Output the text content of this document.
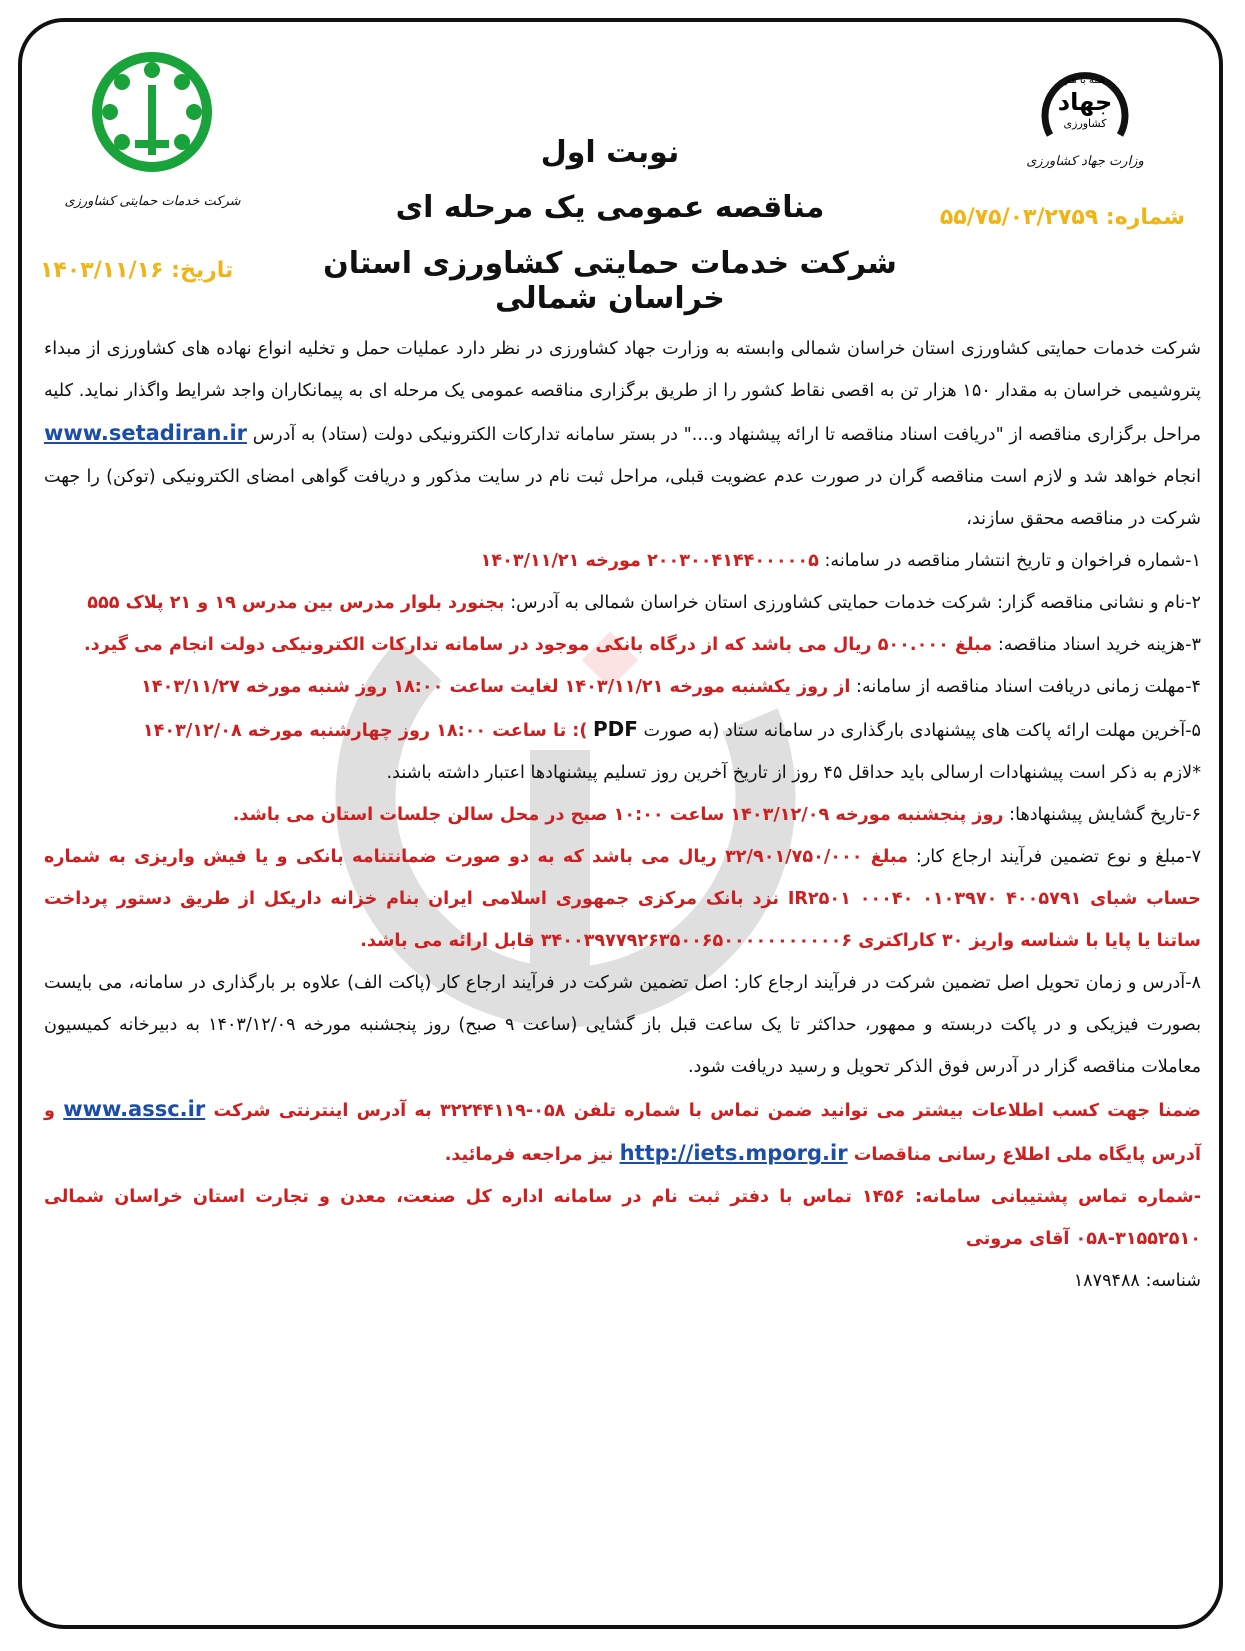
شرکت خدمات حمایتی کشاورزی
همه با هم
جهاد
کشاورزی
وزارت جهاد کشاورزی
نوبت اول
مناقصه عمومی یک مرحله ای
شرکت خدمات حمایتی کشاورزی استان خراسان شمالی
شماره: ۵۵/۷۵/۰۳/۲۷۵۹
تاریخ: ۱۴۰۳/۱۱/۱۶

شرکت خدمات حمایتی کشاورزی استان خراسان شمالی وابسته به وزارت جهاد کشاورزی در نظر دارد عملیات حمل و تخلیه انواع نهاده های کشاورزی از مبداء پتروشیمی خراسان به مقدار ۱۵۰ هزار تن به اقصی نقاط کشور را از طریق برگزاری مناقصه عمومی یک مرحله ای به پیمانکاران واجد شرایط واگذار نماید. کلیه مراحل برگزاری مناقصه از "دریافت اسناد مناقصه تا ارائه پیشنهاد و...." در بستر سامانه تدارکات الکترونیکی دولت (ستاد) به آدرس www.setadiran.ir انجام خواهد شد و لازم است مناقصه گران در صورت عدم عضویت قبلی، مراحل ثبت نام در سایت مذکور و دریافت گواهی امضای الکترونیکی (توکن) را جهت شرکت در مناقصه محقق سازند،

۱-شماره فراخوان و تاریخ انتشار مناقصه در سامانه: ۲۰۰۳۰۰۴۱۴۴۰۰۰۰۰۵ مورخه ۱۴۰۳/۱۱/۲۱

۲-نام و نشانی مناقصه گزار: شرکت خدمات حمایتی کشاورزی استان خراسان شمالی به آدرس: بجنورد بلوار مدرس بین مدرس ۱۹ و ۲۱ پلاک ۵۵۵

۳-هزینه خرید اسناد مناقصه: مبلغ ۵۰۰.۰۰۰ ریال می باشد که از درگاه بانکی موجود در سامانه تدارکات الکترونیکی دولت انجام می گیرد.

۴-مهلت زمانی دریافت اسناد مناقصه از سامانه: از روز یکشنبه مورخه ۱۴۰۳/۱۱/۲۱ لغایت ساعت ۱۸:۰۰ روز شنبه مورخه ۱۴۰۳/۱۱/۲۷

۵-آخرین مهلت ارائه پاکت های پیشنهادی بارگذاری در سامانه ستاد (به صورت PDF ): تا ساعت ۱۸:۰۰ روز چهارشنبه مورخه ۱۴۰۳/۱۲/۰۸

*لازم به ذکر است پیشنهادات ارسالی باید حداقل ۴۵ روز از تاریخ آخرین روز تسلیم پیشنهادها اعتبار داشته باشند.

۶-تاریخ گشایش پیشنهادها: روز پنجشنبه مورخه ۱۴۰۳/۱۲/۰۹ ساعت ۱۰:۰۰ صبح در محل سالن جلسات استان می باشد.

۷-مبلغ و نوع تضمین فرآیند ارجاع کار: مبلغ ۳۲/۹۰۱/۷۵۰/۰۰۰ ریال می باشد که به دو صورت ضمانتنامه بانکی و یا فیش واریزی به شماره حساب شبای ۴۰۰۵۷۹۱ ۰۱۰۳۹۷۰ ۰۰۰۴۰ IR۲۵۰۱ نزد بانک مرکزی جمهوری اسلامی ایران بنام خزانه داریکل از طریق دستور پرداخت ساتنا یا پایا با شناسه واریز ۳۰ کاراکتری ۳۴۰۰۳۹۷۷۹۲۶۳۵۰۰۶۵۰۰۰۰۰۰۰۰۰۰۰۶ قابل ارائه می باشد.

۸-آدرس و زمان تحویل اصل تضمین شرکت در فرآیند ارجاع کار: اصل تضمین شرکت در فرآیند ارجاع کار (پاکت الف) علاوه بر بارگذاری در سامانه، می بایست بصورت فیزیکی و در پاکت دربسته و ممهور، حداکثر تا یک ساعت قبل باز گشایی (ساعت ۹ صبح) روز پنجشنبه مورخه ۱۴۰۳/۱۲/۰۹ به دبیرخانه کمیسیون معاملات مناقصه گزار در آدرس فوق الذکر تحویل و رسید دریافت شود.

ضمنا جهت کسب اطلاعات بیشتر می توانید ضمن تماس با شماره تلفن ۰۵۸-۳۲۲۴۴۱۱۹ به آدرس اینترنتی شرکت www.assc.ir و آدرس پایگاه ملی اطلاع رسانی مناقصات http://iets.mporg.ir نیز مراجعه فرمائید.

-شماره تماس پشتیبانی سامانه: ۱۴۵۶ تماس با دفتر ثبت نام در سامانه اداره کل صنعت، معدن و تجارت استان خراسان شمالی ۳۱۵۵۲۵۱۰-۰۵۸ آقای مروتی

شناسه: ۱۸۷۹۴۸۸
